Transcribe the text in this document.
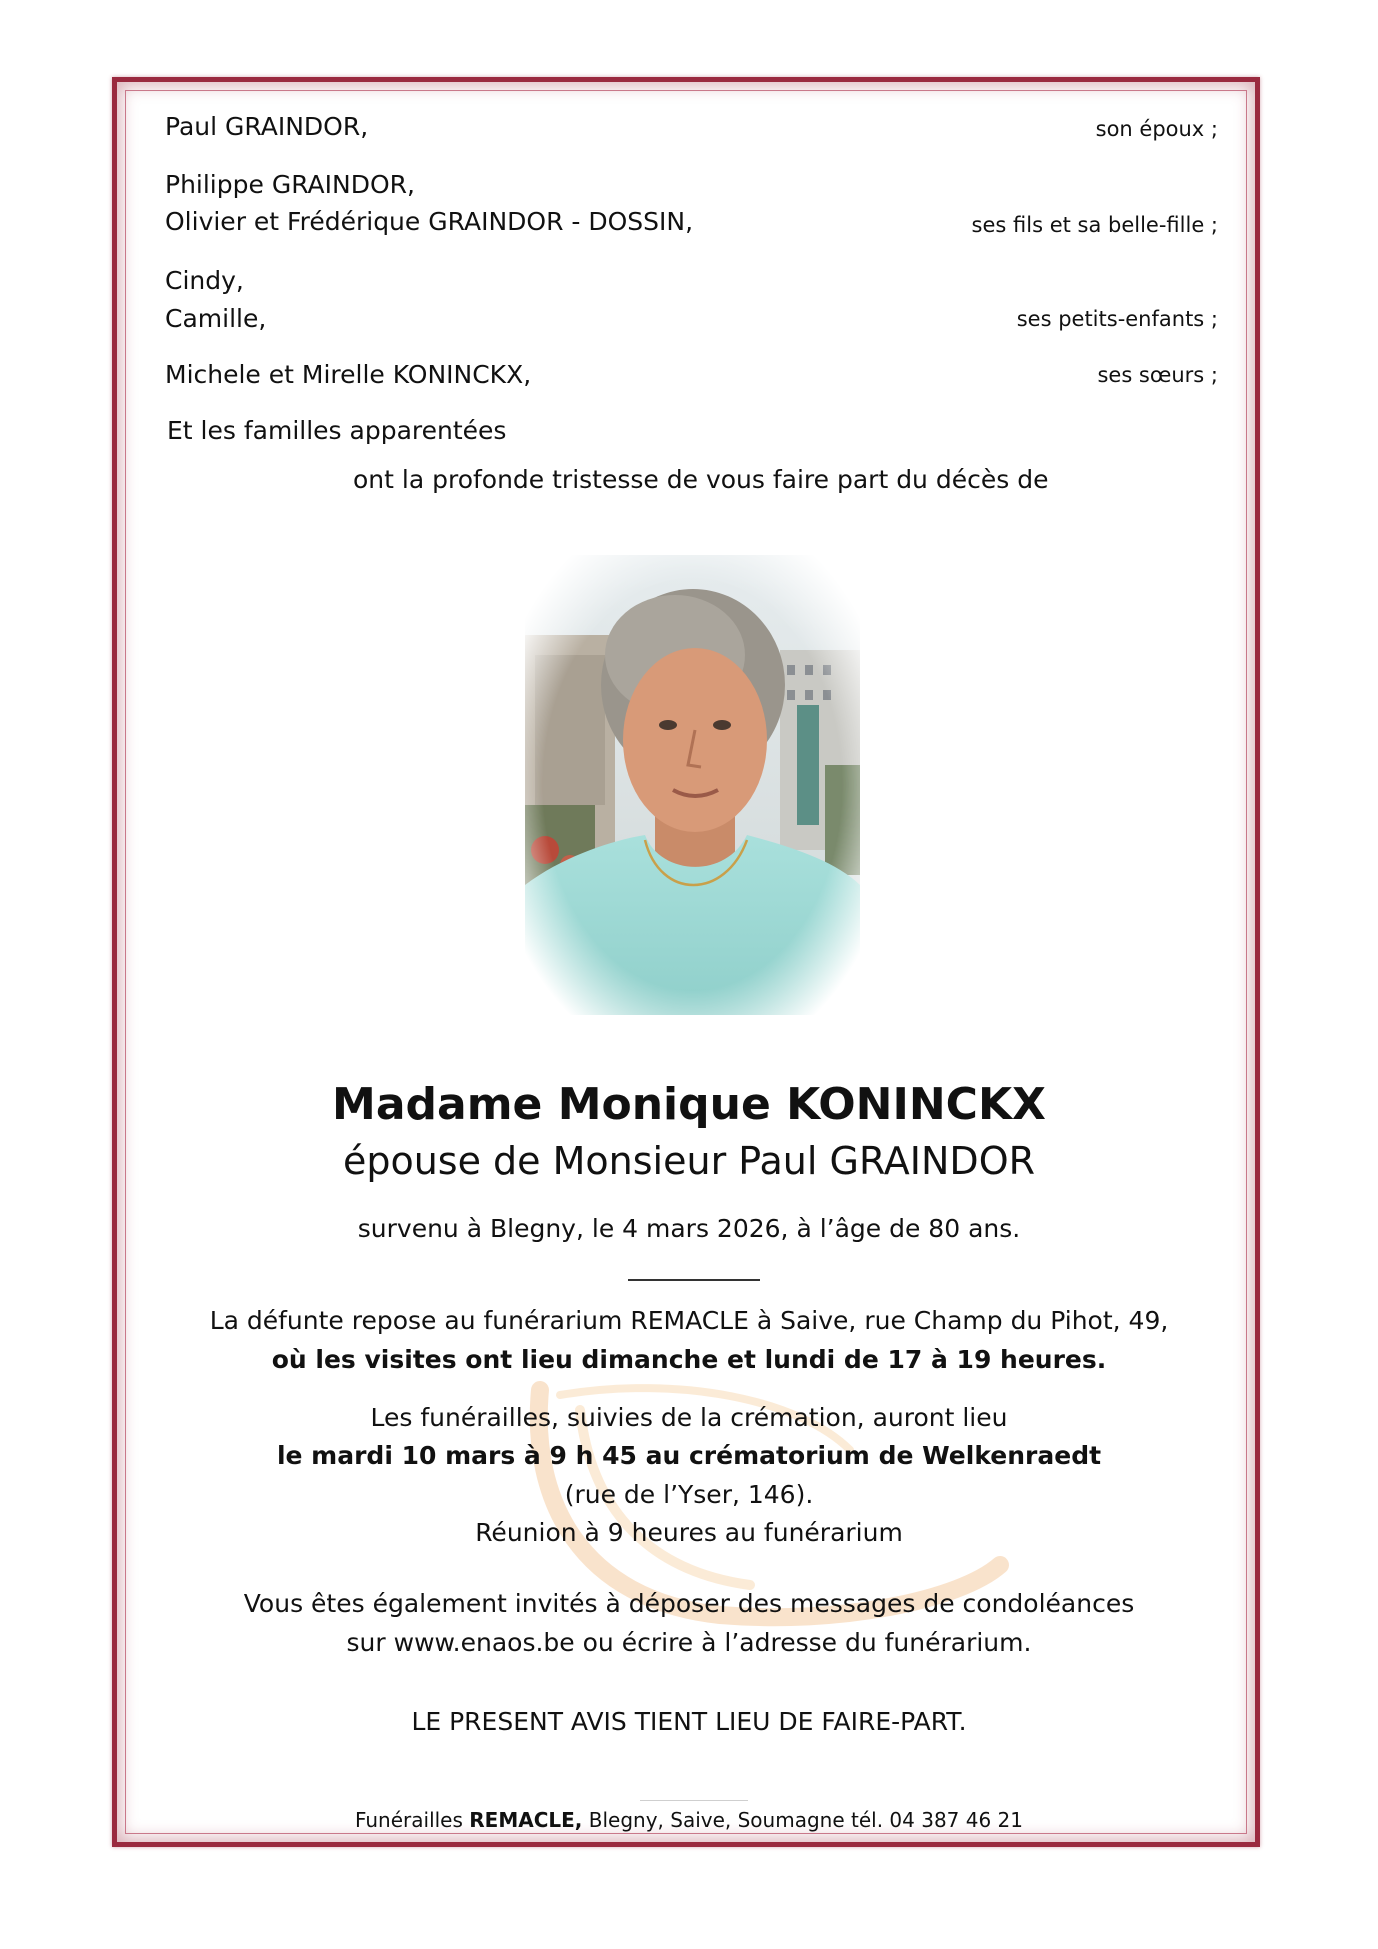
Paul GRAINDOR,	son époux ;
Philippe GRAINDOR,
Olivier et Frédérique GRAINDOR - DOSSIN,	ses fils et sa belle-fille ;
Cindy,
Camille,	ses petits-enfants ;
Michele et Mirelle KONINCKX,	ses sœurs ;
Et les familles apparentées
ont la profonde tristesse de vous faire part du décès de
Madame Monique KONINCKX
épouse de Monsieur Paul GRAINDOR
survenu à Blegny, le 4 mars 2026, à l’âge de 80 ans.
La défunte repose au funérarium REMACLE à Saive, rue Champ du Pihot, 49,
où les visites ont lieu dimanche et lundi de 17 à 19 heures.
Les funérailles, suivies de la crémation, auront lieu
le mardi 10 mars à 9 h 45 au crématorium de Welkenraedt
(rue de l’Yser, 146).
Réunion à 9 heures au funérarium
Vous êtes également invités à déposer des messages de condoléances
sur www.enaos.be ou écrire à l’adresse du funérarium.
LE PRESENT AVIS TIENT LIEU DE FAIRE-PART.
Funérailles REMACLE, Blegny, Saive, Soumagne tél. 04 387 46 21
